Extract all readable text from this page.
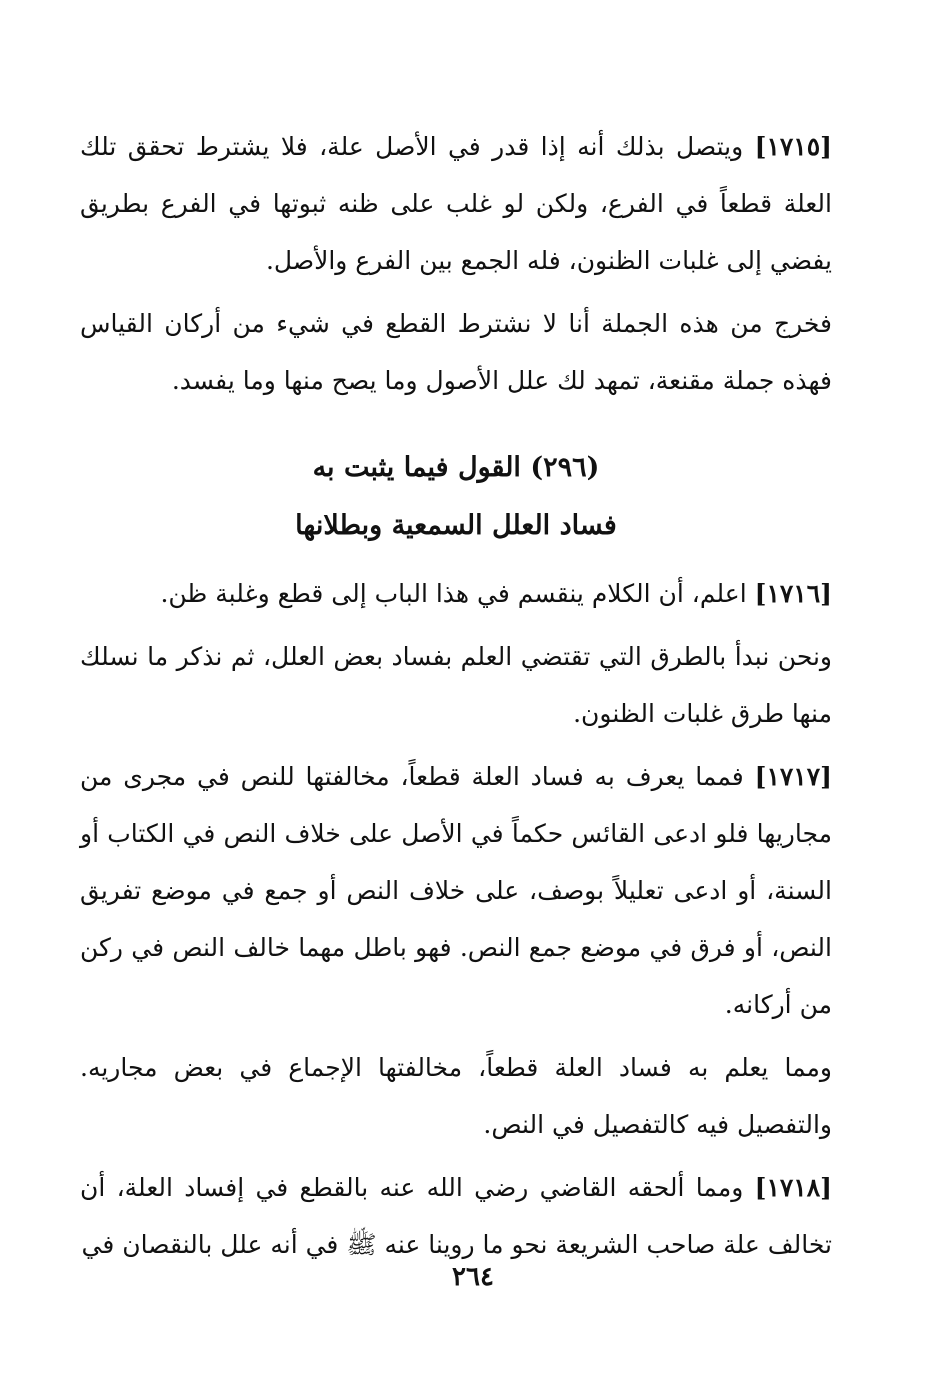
[١٧١٥] ويتصل بذلك أنه إذا قدر في الأصل علة، فلا يشترط تحقق تلك العلة قطعاً في الفرع، ولكن لو غلب على ظنه ثبوتها في الفرع بطريق يفضي إلى غلبات الظنون، فله الجمع بين الفرع والأصل.

فخرج من هذه الجملة أنا لا نشترط القطع في شيء من أركان القياس فهذه جملة مقنعة، تمهد لك علل الأصول وما يصح منها وما يفسد.

(٢٩٦) القول فيما يثبت به

فساد العلل السمعية وبطلانها

[١٧١٦] اعلم، أن الكلام ينقسم في هذا الباب إلى قطع وغلبة ظن.

ونحن نبدأ بالطرق التي تقتضي العلم بفساد بعض العلل، ثم نذكر ما نسلك منها طرق غلبات الظنون.

[١٧١٧] فمما يعرف به فساد العلة قطعاً، مخالفتها للنص في مجرى من مجاريها فلو ادعى القائس حكماً في الأصل على خلاف النص في الكتاب أو السنة، أو ادعى تعليلاً بوصف، على خلاف النص أو جمع في موضع تفريق النص، أو فرق في موضع جمع النص. فهو باطل مهما خالف النص في ركن من أركانه.

ومما يعلم به فساد العلة قطعاً، مخالفتها الإجماع في بعض مجاريه. والتفصيل فيه كالتفصيل في النص.

[١٧١٨] ومما ألحقه القاضي رضي الله عنه بالقطع في إفساد العلة، أن تخالف علة صاحب الشريعة نحو ما روينا عنه ﷺ في أنه علل بالنقصان في

٢٦٤
